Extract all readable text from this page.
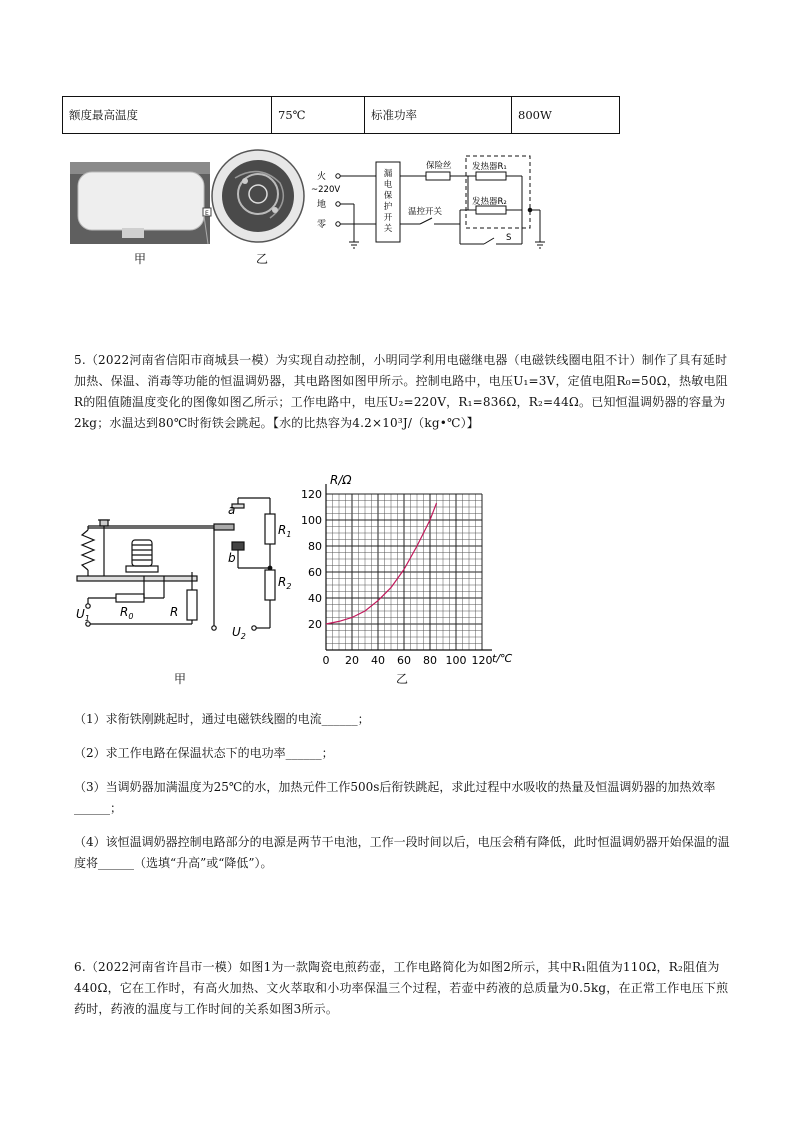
额度最高温度	75℃	标准功率	800W
E
火
~220V
地
零
漏
电
保
护
开
关
保险丝
温控开关
发热器R₁
发热器R₂
S
甲	乙
5.（2022河南省信阳市商城县一模）为实现自动控制，小明同学利用电磁继电器（电磁铁线圈电阻不计）制作了具有延时加热、保温、消毒等功能的恒温调奶器，其电路图如图甲所示。控制电路中，电压U₁=3V，定值电阻R₀=50Ω，热敏电阻R的阻值随温度变化的图像如图乙所示；工作电路中，电压U₂=220V，R₁=836Ω，R₂=44Ω。已知恒温调奶器的容量为2kg；水温达到80℃时衔铁会跳起。【水的比热容为4.2×10³J/（kg•℃）】
a
b
$R_1$
$R_2$
$U_1$	$R_0$	R
$U_2$
甲
0 20 40 60 80 100 120
20
40
60
80
100
120
R/Ω
t/℃
乙
（1）求衔铁刚跳起时，通过电磁铁线圈的电流______；
（2）求工作电路在保温状态下的电功率______；
（3）当调奶器加满温度为25℃的水，加热元件工作500s后衔铁跳起，求此过程中水吸收的热量及恒温调奶器的加热效率______；
（4）该恒温调奶器控制电路部分的电源是两节干电池，工作一段时间以后，电压会稍有降低，此时恒温调奶器开始保温的温度将______（选填“升高”或“降低”）。
6.（2022河南省许昌市一模）如图1为一款陶瓷电煎药壶，工作电路简化为如图2所示，其中R₁阻值为110Ω，R₂阻值为440Ω，它在工作时，有高火加热、文火萃取和小功率保温三个过程，若壶中药液的总质量为0.5kg，在正常工作电压下煎药时，药液的温度与工作时间的关系如图3所示。
